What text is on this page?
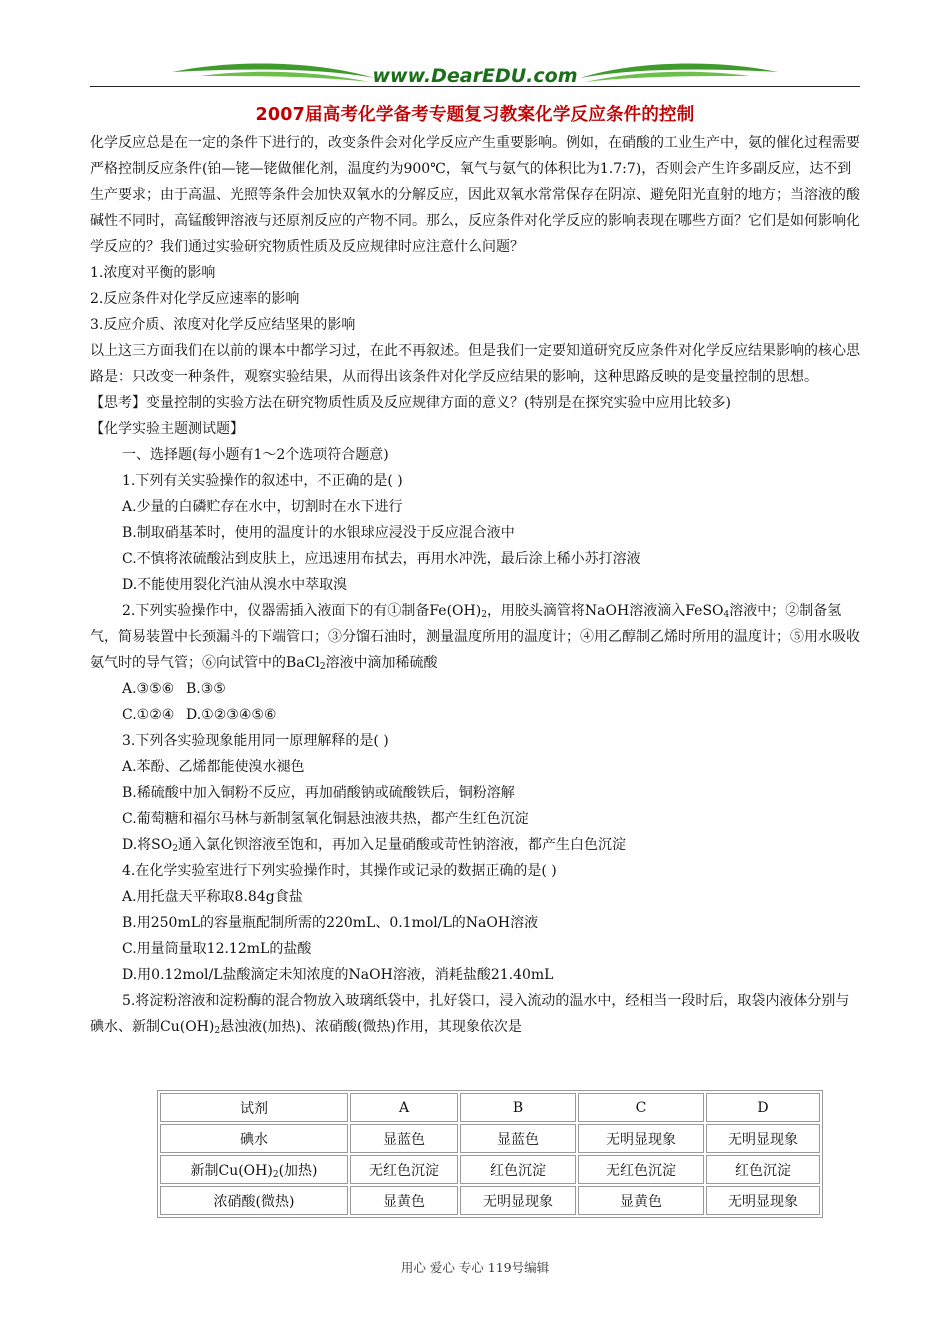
www.DearEDU.com
2007届高考化学备考专题复习教案化学反应条件的控制

化学反应总是在一定的条件下进行的，改变条件会对化学反应产生重要影响。例如，在硝酸的工业生产中，氨的催化过程需要严格控制反应条件(铂—铑—铑做催化剂，温度约为900℃，氧气与氨气的体积比为1.7:7)，否则会产生许多副反应，达不到生产要求；由于高温、光照等条件会加快双氧水的分解反应，因此双氧水常常保存在阴凉、避免阳光直射的地方；当溶液的酸碱性不同时，高锰酸钾溶液与还原剂反应的产物不同。那么，反应条件对化学反应的影响表现在哪些方面？它们是如何影响化学反应的？我们通过实验研究物质性质及反应规律时应注意什么问题？

1.浓度对平衡的影响

2.反应条件对化学反应速率的影响

3.反应介质、浓度对化学反应结坚果的影响

以上这三方面我们在以前的课本中都学习过，在此不再叙述。但是我们一定要知道研究反应条件对化学反应结果影响的核心思路是：只改变一种条件，观察实验结果，从而得出该条件对化学反应结果的影响，这种思路反映的是变量控制的思想。

【思考】变量控制的实验方法在研究物质性质及反应规律方面的意义？(特别是在探究实验中应用比较多)

【化学实验主题测试题】

一、选择题(每小题有1～2个选项符合题意)

1.下列有关实验操作的叙述中，不正确的是( )

A.少量的白磷贮存在水中，切割时在水下进行

B.制取硝基苯时，使用的温度计的水银球应浸没于反应混合液中

C.不慎将浓硫酸沾到皮肤上，应迅速用布拭去，再用水冲洗，最后涂上稀小苏打溶液

D.不能使用裂化汽油从溴水中萃取溴

2.下列实验操作中，仪器需插入液面下的有①制备$Fe(OH)_2$，用胶头滴管将NaOH溶液滴入FeSO$_4$溶液中；②制备氢气，简易装置中长颈漏斗的下端管口；③分馏石油时，测量温度所用的温度计；④用乙醇制乙烯时所用的温度计；⑤用水吸收氨气时的导气管；⑥向试管中的BaCl$_2$溶液中滴加稀硫酸

A.③⑤⑥ B.③⑤

C.①②④ D.①②③④⑤⑥

3.下列各实验现象能用同一原理解释的是( )

A.苯酚、乙烯都能使溴水褪色

B.稀硫酸中加入铜粉不反应，再加硝酸钠或硫酸铁后，铜粉溶解

C.葡萄糖和福尔马林与新制氢氧化铜悬浊液共热，都产生红色沉淀

D.将$SO_2$通入氯化钡溶液至饱和，再加入足量硝酸或苛性钠溶液，都产生白色沉淀

4.在化学实验室进行下列实验操作时，其操作或记录的数据正确的是( )

A.用托盘天平称取8.84g食盐

B.用250mL的容量瓶配制所需的220mL、0.1mol/L的NaOH溶液

C.用量筒量取12.12mL的盐酸

D.用0.12mol/L盐酸滴定未知浓度的NaOH溶液，消耗盐酸21.40mL

5.将淀粉溶液和淀粉酶的混合物放入玻璃纸袋中，扎好袋口，浸入流动的温水中，经相当一段时后，取袋内液体分别与碘水、新制$Cu(OH)_2$悬浊液(加热)、浓硝酸(微热)作用，其现象依次是

试剂	A	B	C	D
碘水	显蓝色	显蓝色	无明显现象	无明显现象
新制$Cu(OH)_2$(加热)	无红色沉淀	红色沉淀	无红色沉淀	红色沉淀
浓硝酸(微热)	显黄色	无明显现象	显黄色	无明显现象
用心 爱心 专心 119号编辑
